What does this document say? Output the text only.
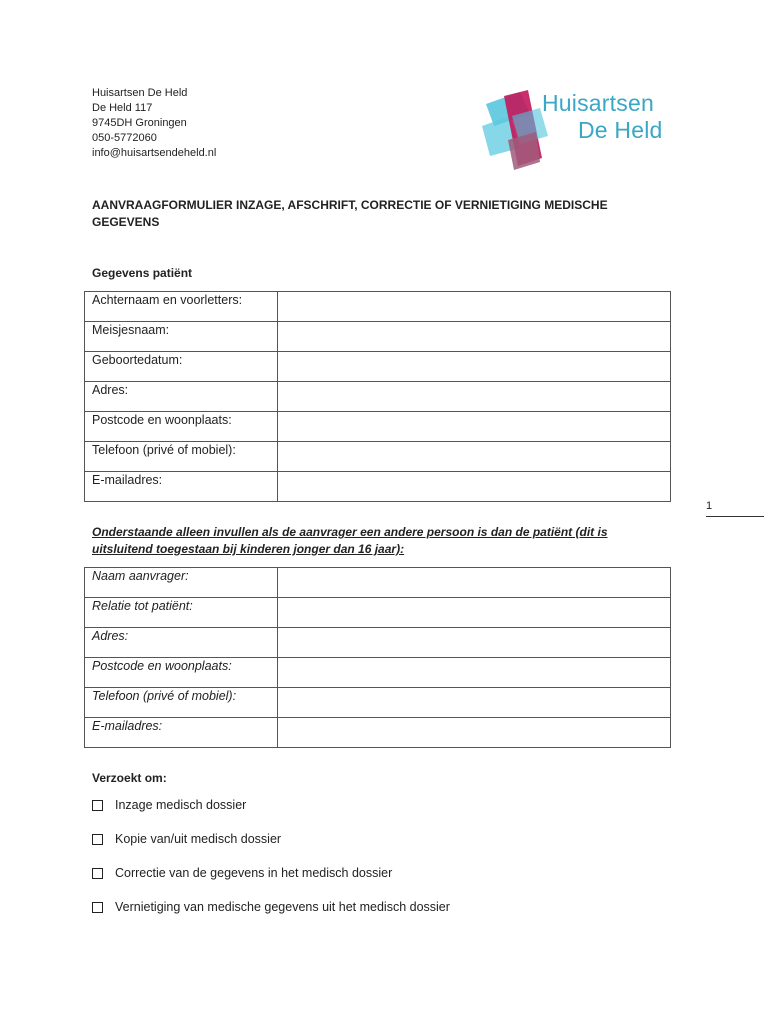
Huisartsen De Held
De Held 117
9745DH Groningen
050-5772060
info@huisartsendeheld.nl
Huisartsen
De Held
AANVRAAGFORMULIER INZAGE, AFSCHRIFT, CORRECTIE OF VERNIETIGING MEDISCHE GEGEVENS
Gegevens patiënt
Achternaam en voorletters:	
Meisjesnaam:	
Geboortedatum:	
Adres:	
Postcode en woonplaats:	
Telefoon (privé of mobiel):	
E-mailadres:	
1
Onderstaande alleen invullen als de aanvrager een andere persoon is dan de patiënt (dit is uitsluitend toegestaan bij kinderen jonger dan 16 jaar):
Naam aanvrager:	
Relatie tot patiënt:	
Adres:	
Postcode en woonplaats:	
Telefoon (privé of mobiel):	
E-mailadres:	
Verzoekt om:
Inzage medisch dossier
Kopie van/uit medisch dossier
Correctie van de gegevens in het medisch dossier
Vernietiging van medische gegevens uit het medisch dossier
